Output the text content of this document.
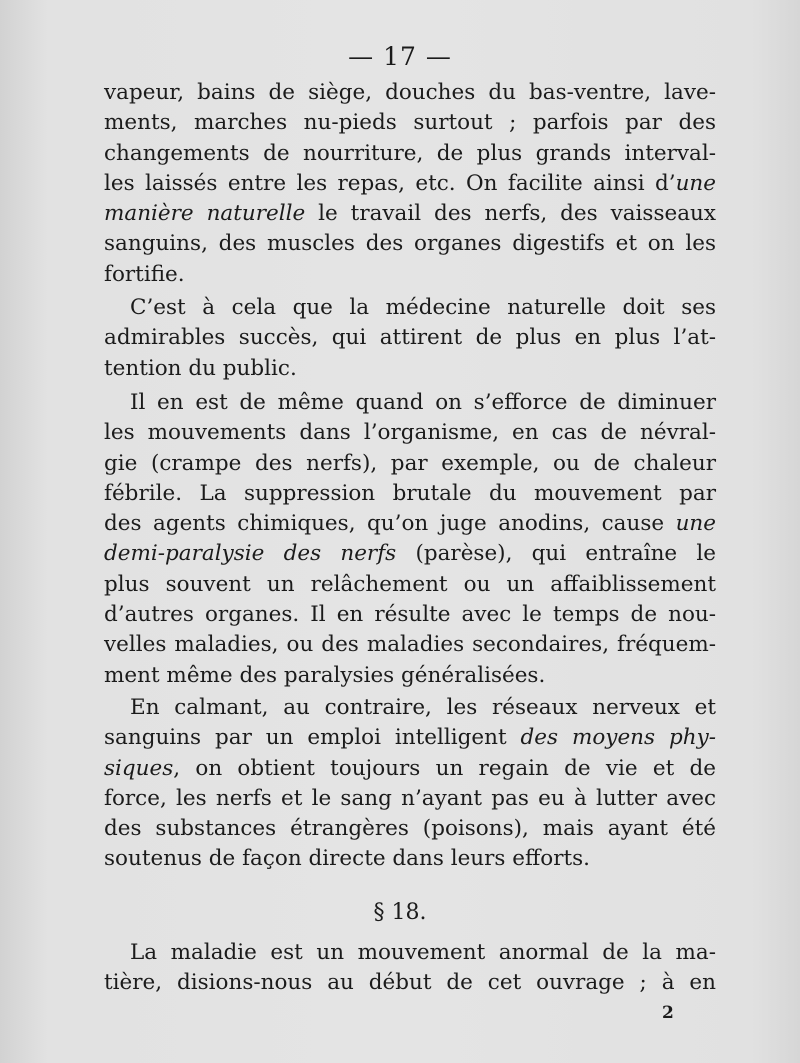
— 17 —

vapeur, bains de siège, douches du bas-ventre, lave-
ments, marches nu-pieds surtout ; parfois par des
changements de nourriture, de plus grands interval-
les laissés entre les repas, etc. On facilite ainsi d’une
manière naturelle le travail des nerfs, des vaisseaux
sanguins, des muscles des organes digestifs et on les
fortifie.

C’est à cela que la médecine naturelle doit ses
admirables succès, qui attirent de plus en plus l’at-
tention du public.

Il en est de même quand on s’efforce de diminuer
les mouvements dans l’organisme, en cas de névral-
gie (crampe des nerfs), par exemple, ou de chaleur
fébrile. La suppression brutale du mouvement par
des agents chimiques, qu’on juge anodins, cause une
demi-paralysie des nerfs (parèse), qui entraîne le
plus souvent un relâchement ou un affaiblissement
d’autres organes. Il en résulte avec le temps de nou-
velles maladies, ou des maladies secondaires, fréquem-
ment même des paralysies généralisées.

En calmant, au contraire, les réseaux nerveux et
sanguins par un emploi intelligent des moyens phy-
siques, on obtient toujours un regain de vie et de
force, les nerfs et le sang n’ayant pas eu à lutter avec
des substances étrangères (poisons), mais ayant été
soutenus de façon directe dans leurs efforts.

§ 18.

La maladie est un mouvement anormal de la ma-
tière, disions-nous au début de cet ouvrage ; à en

2
